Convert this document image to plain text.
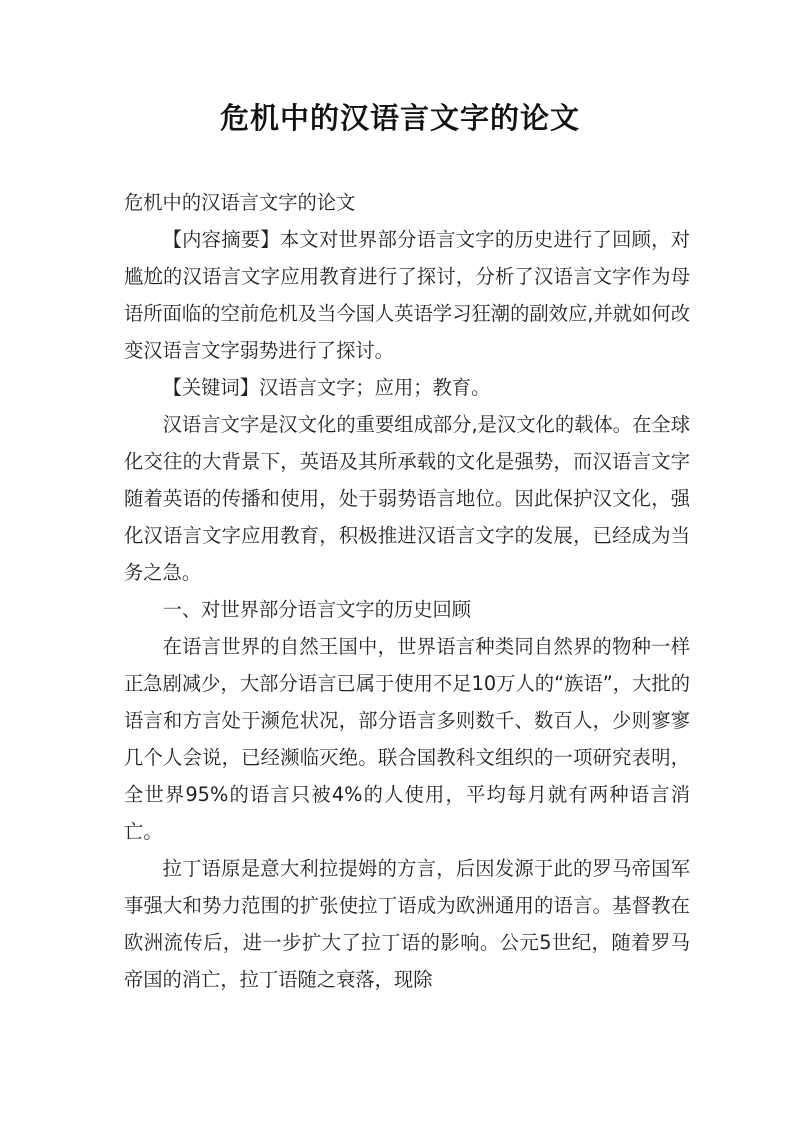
危机中的汉语言文字的论文

危机中的汉语言文字的论文

【内容摘要】本文对世界部分语言文字的历史进行了回顾，对尴尬的汉语言文字应用教育进行了探讨，分析了汉语言文字作为母语所面临的空前危机及当今国人英语学习狂潮的副效应,并就如何改变汉语言文字弱势进行了探讨。

【关键词】汉语言文字；应用；教育。

汉语言文字是汉文化的重要组成部分,是汉文化的载体。在全球化交往的大背景下，英语及其所承载的文化是强势，而汉语言文字随着英语的传播和使用，处于弱势语言地位。因此保护汉文化，强化汉语言文字应用教育，积极推进汉语言文字的发展，已经成为当务之急。

一、对世界部分语言文字的历史回顾

在语言世界的自然王国中，世界语言种类同自然界的物种一样正急剧减少，大部分语言已属于使用不足10万人的“族语”，大批的语言和方言处于濒危状况，部分语言多则数千、数百人，少则寥寥几个人会说，已经濒临灭绝。联合国教科文组织的一项研究表明，全世界95%的语言只被4%的人使用，平均每月就有两种语言消亡。

拉丁语原是意大利拉提姆的方言，后因发源于此的罗马帝国军事强大和势力范围的扩张使拉丁语成为欧洲通用的语言。基督教在欧洲流传后，进一步扩大了拉丁语的影响。公元5世纪，随着罗马帝国的消亡，拉丁语随之衰落，现除
